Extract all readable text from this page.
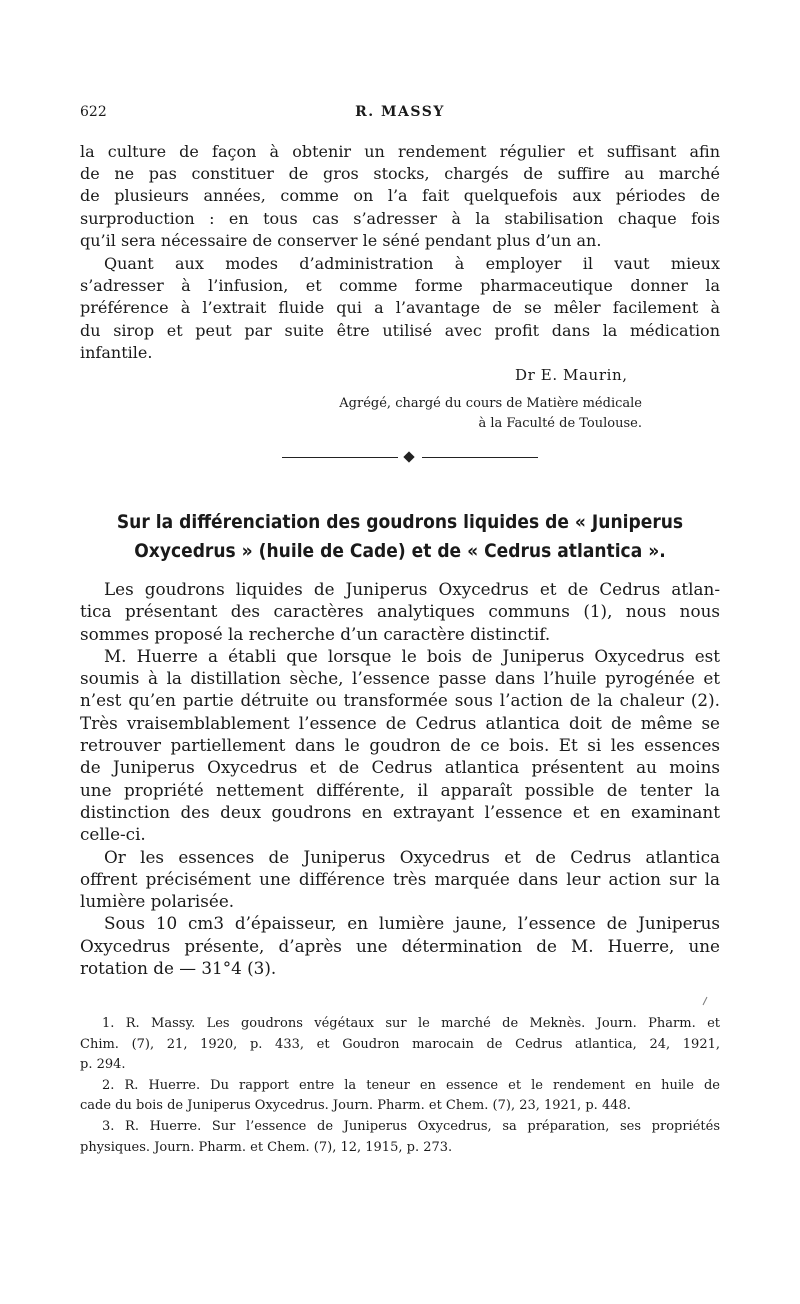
622	R. MASSY
la culture de façon à obtenir un rendement régulier et suffisant afin
de ne pas constituer de gros stocks, chargés de suffire au marché
de plusieurs années, comme on l’a fait quelquefois aux périodes de
surproduction : en tous cas s’adresser à la stabilisation chaque fois
qu’il sera nécessaire de conserver le séné pendant plus d’un an.
Quant aux modes d’administration à employer il vaut mieux
s’adresser à l’infusion, et comme forme pharmaceutique donner la
préférence à l’extrait fluide qui a l’avantage de se mêler facilement à
du sirop et peut par suite être utilisé avec profit dans la médication
infantile.
Dr E. Maurin,
Agrégé, chargé du cours de Matière médicale
à la Faculté de Toulouse.
Sur la différenciation des goudrons liquides de « Juniperus
Oxycedrus » (huile de Cade) et de « Cedrus atlantica ».
Les goudrons liquides de Juniperus Oxycedrus et de Cedrus atlan-
tica présentant des caractères analytiques communs (1), nous nous
sommes proposé la recherche d’un caractère distinctif.
M. Huerre a établi que lorsque le bois de Juniperus Oxycedrus est
soumis à la distillation sèche, l’essence passe dans l’huile pyrogénée et
n’est qu’en partie détruite ou transformée sous l’action de la chaleur (2).
Très vraisemblablement l’essence de Cedrus atlantica doit de même se
retrouver partiellement dans le goudron de ce bois. Et si les essences
de Juniperus Oxycedrus et de Cedrus atlantica présentent au moins
une propriété nettement différente, il apparaît possible de tenter la
distinction des deux goudrons en extrayant l’essence et en examinant
celle-ci.
Or les essences de Juniperus Oxycedrus et de Cedrus atlantica
offrent précisément une différence très marquée dans leur action sur la
lumière polarisée.
Sous 10 cm3 d’épaisseur, en lumière jaune, l’essence de Juniperus
Oxycedrus présente, d’après une détermination de M. Huerre, une
rotation de — 31°4 (3).
1. R. Massy. Les goudrons végétaux sur le marché de Meknès. Journ. Pharm. et
Chim. (7), 21, 1920, p. 433, et Goudron marocain de Cedrus atlantica, 24, 1921,
p. 294.
2. R. Huerre. Du rapport entre la teneur en essence et le rendement en huile de
cade du bois de Juniperus Oxycedrus. Journ. Pharm. et Chem. (7), 23, 1921, p. 448.
3. R. Huerre. Sur l’essence de Juniperus Oxycedrus, sa préparation, ses propriétés
physiques. Journ. Pharm. et Chem. (7), 12, 1915, p. 273.
